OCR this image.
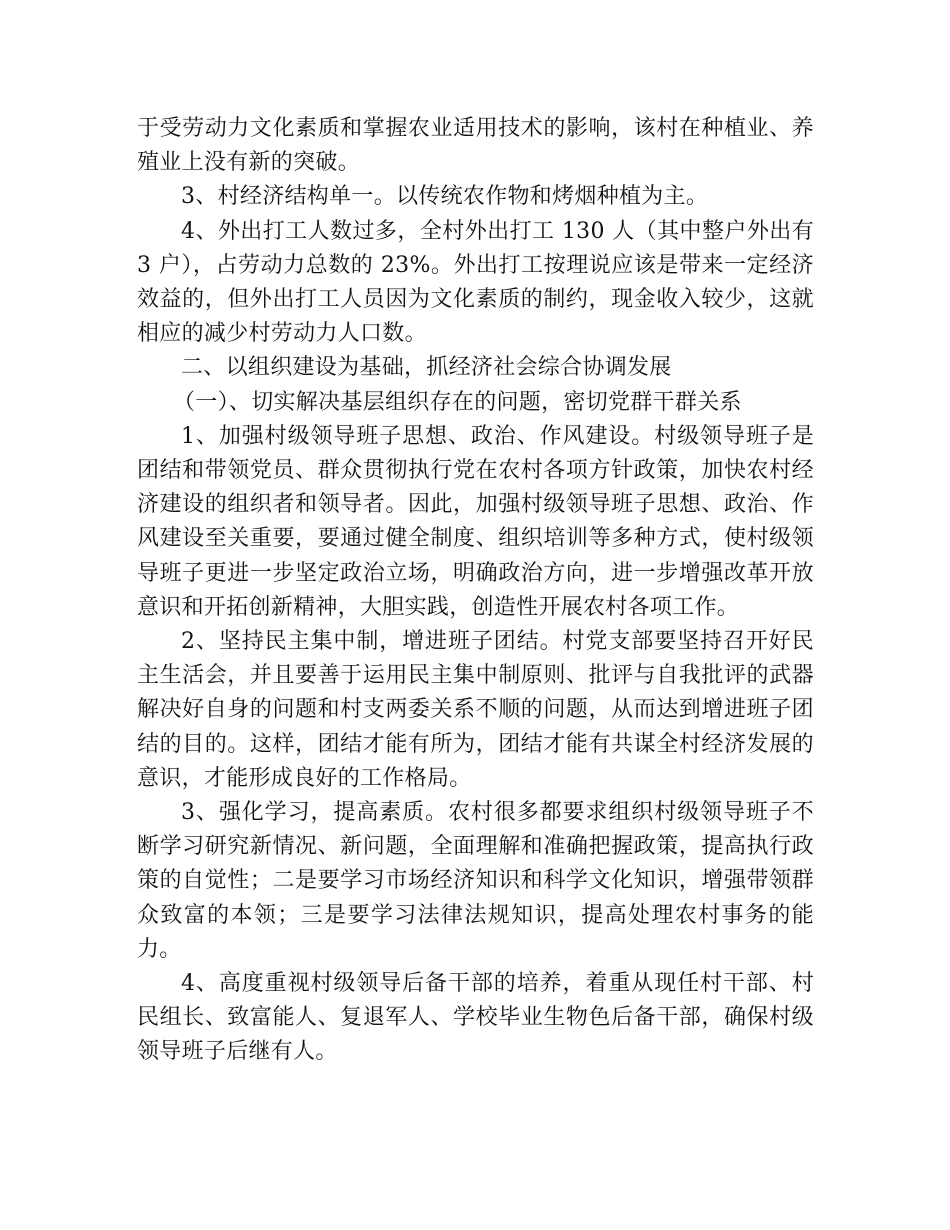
于受劳动力文化素质和掌握农业适用技术的影响，该村在种植业、养殖业上没有新的突破。

3、村经济结构单一。以传统农作物和烤烟种植为主。

4、外出打工人数过多，全村外出打工 130 人（其中整户外出有 3 户），占劳动力总数的 23%。外出打工按理说应该是带来一定经济效益的，但外出打工人员因为文化素质的制约，现金收入较少，这就相应的减少村劳动力人口数。

二、以组织建设为基础，抓经济社会综合协调发展

（一）、切实解决基层组织存在的问题，密切党群干群关系

1、加强村级领导班子思想、政治、作风建设。村级领导班子是团结和带领党员、群众贯彻执行党在农村各项方针政策，加快农村经济建设的组织者和领导者。因此，加强村级领导班子思想、政治、作风建设至关重要，要通过健全制度、组织培训等多种方式，使村级领导班子更进一步坚定政治立场，明确政治方向，进一步增强改革开放意识和开拓创新精神，大胆实践，创造性开展农村各项工作。

2、坚持民主集中制，增进班子团结。村党支部要坚持召开好民主生活会，并且要善于运用民主集中制原则、批评与自我批评的武器解决好自身的问题和村支两委关系不顺的问题，从而达到增进班子团结的目的。这样，团结才能有所为，团结才能有共谋全村经济发展的意识，才能形成良好的工作格局。

3、强化学习，提高素质。农村很多都要求组织村级领导班子不断学习研究新情况、新问题，全面理解和准确把握政策，提高执行政策的自觉性；二是要学习市场经济知识和科学文化知识，增强带领群众致富的本领；三是要学习法律法规知识，提高处理农村事务的能力。

4、高度重视村级领导后备干部的培养，着重从现任村干部、村民组长、致富能人、复退军人、学校毕业生物色后备干部，确保村级领导班子后继有人。
